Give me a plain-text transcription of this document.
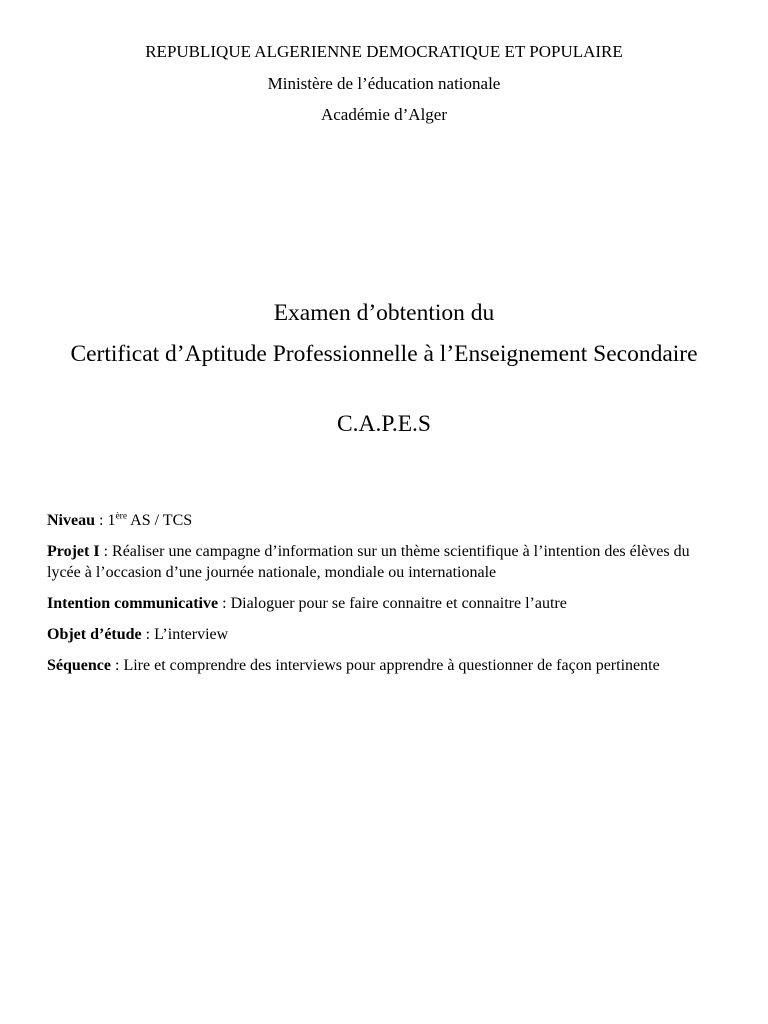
REPUBLIQUE ALGERIENNE DEMOCRATIQUE ET POPULAIRE
Ministère de l’éducation nationale
Académie d’Alger
Examen d’obtention du
Certificat d’Aptitude Professionnelle à l’Enseignement Secondaire
C.A.P.E.S
Niveau : 1ère AS / TCS
Projet I : Réaliser une campagne d’information sur un thème scientifique à l’intention des élèves du lycée à l’occasion d’une journée nationale, mondiale ou internationale
Intention communicative : Dialoguer pour se faire connaitre et connaitre l’autre
Objet d’étude : L’interview
Séquence : Lire et comprendre des interviews pour apprendre à questionner de façon pertinente
